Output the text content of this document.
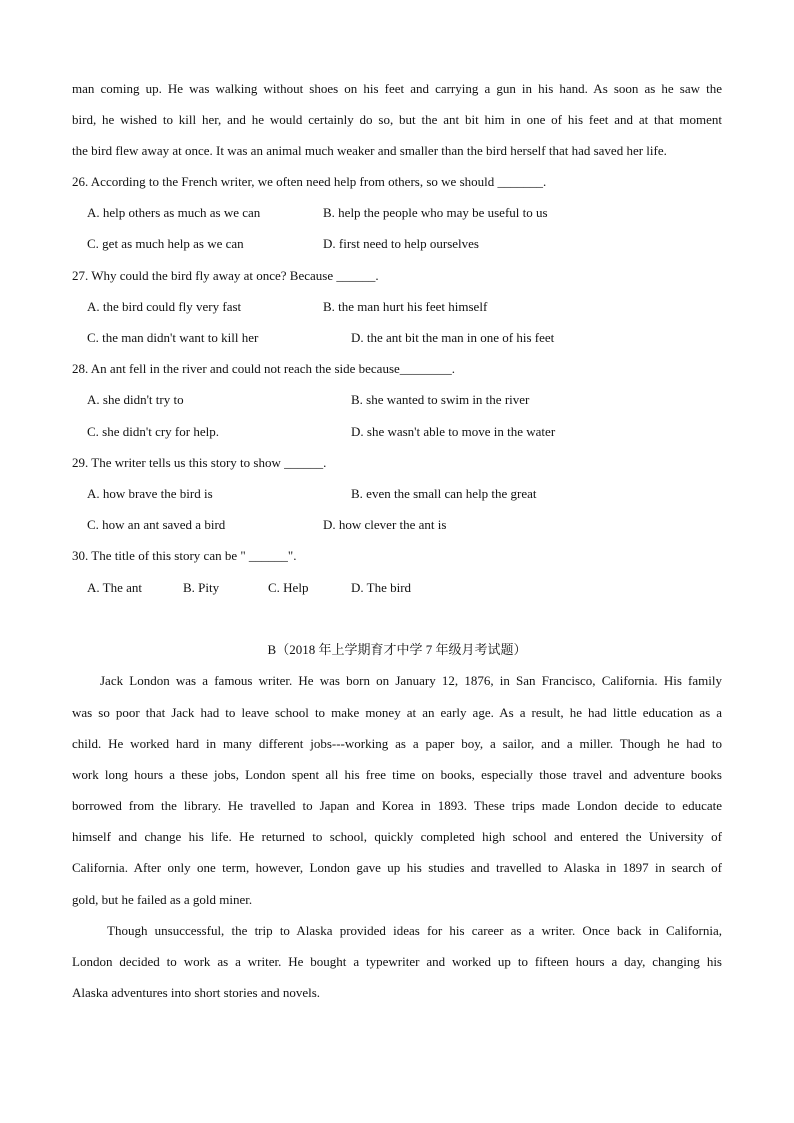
man coming up. He was walking without shoes on his feet and carrying a gun in his hand. As soon as he saw the
bird, he wished to kill her, and he would certainly do so, but the ant bit him in one of his feet and at that moment
the bird flew away at once. It was an animal much weaker and smaller than the bird herself that had saved her life.
26. According to the French writer, we often need help from others, so we should _______.
A. help others as much as we can	B. help the people who may be useful to us
C. get as much help as we can	D. first need to help ourselves
27. Why could the bird fly away at once? Because ______.
A. the bird could fly very fast	B. the man hurt his feet himself
C. the man didn't want to kill her	D. the ant bit the man in one of his feet
28. An ant fell in the river and could not reach the side because________.
A. she didn't try to	B. she wanted to swim in the river
C. she didn't cry for help.	D. she wasn't able to move in the water
29. The writer tells us this story to show ______.
A. how brave the bird is	B. even the small can help the great
C. how an ant saved a bird	D. how clever the ant is
30. The title of this story can be " ______".
A. The ant	B. Pity	C. Help	D. The bird
B（2018 年上学期育才中学 7 年级月考试题）
Jack London was a famous writer. He was born on January 12, 1876, in San Francisco, California. His family
was so poor that Jack had to leave school to make money at an early age. As a result, he had little education as a
child. He worked hard in many different jobs---working as a paper boy, a sailor, and a miller. Though he had to
work long hours a these jobs, London spent all his free time on books, especially those travel and adventure books
borrowed from the library. He travelled to Japan and Korea in 1893. These trips made London decide to educate
himself and change his life. He returned to school, quickly completed high school and entered the University of
California. After only one term, however, London gave up his studies and travelled to Alaska in 1897 in search of
gold, but he failed as a gold miner.
Though unsuccessful, the trip to Alaska provided ideas for his career as a writer. Once back in California,
London decided to work as a writer. He bought a typewriter and worked up to fifteen hours a day, changing his
Alaska adventures into short stories and novels.
